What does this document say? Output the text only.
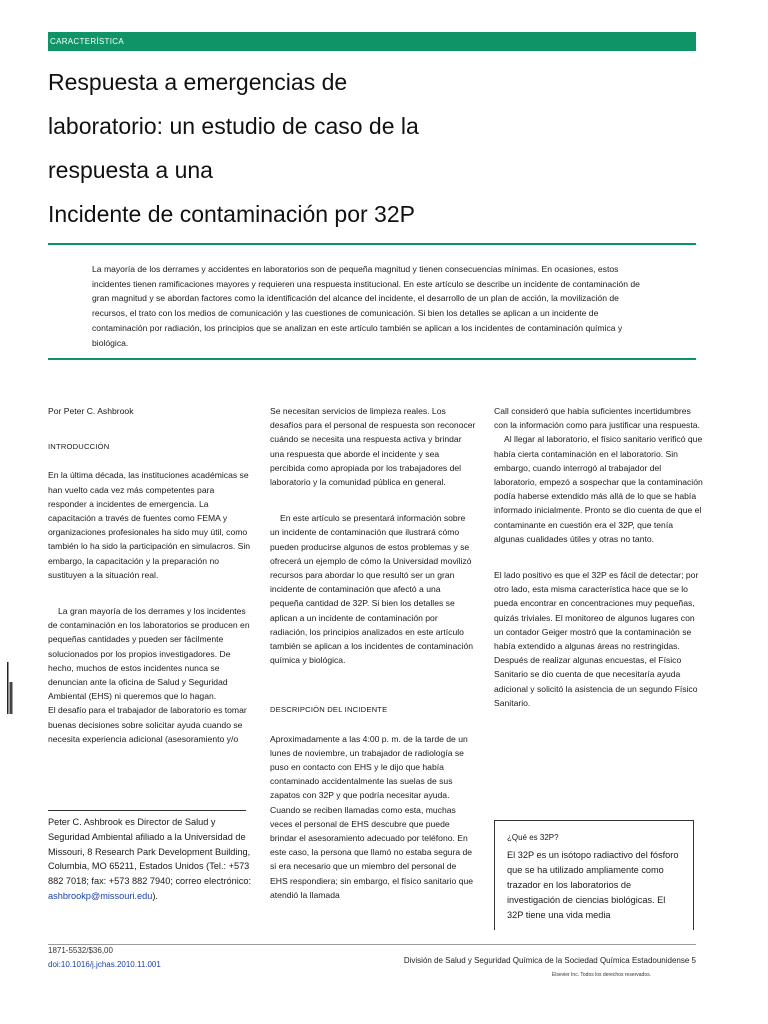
CARACTERÍSTICA
Respuesta a emergencias de
laboratorio: un estudio de caso de la
respuesta a una
Incidente de contaminación por 32P

La mayoría de los derrames y accidentes en laboratorios son de pequeña magnitud y tienen consecuencias mínimas. En ocasiones, estos incidentes tienen ramificaciones mayores y requieren una respuesta institucional. En este artículo se describe un incidente de contaminación de gran magnitud y se abordan factores como la identificación del alcance del incidente, el desarrollo de un plan de acción, la movilización de recursos, el trato con los medios de comunicación y las cuestiones de comunicación. Si bien los detalles se aplican a un incidente de contaminación por radiación, los principios que se analizan en este artículo también se aplican a los incidentes de contaminación química y biológica.

Por Peter C. Ashbrook

INTRODUCCIÓN

En la última década, las instituciones académicas se han vuelto cada vez más competentes para responder a incidentes de emergencia. La capacitación a través de fuentes como FEMA y organizaciones profesionales ha sido muy útil, como también lo ha sido la participación en simulacros. Sin embargo, la capacitación y la preparación no sustituyen a la situación real.

La gran mayoría de los derrames y los incidentes de contaminación en los laboratorios se producen en pequeñas cantidades y pueden ser fácilmente solucionados por los propios investigadores. De hecho, muchos de estos incidentes nunca se denuncian ante la oficina de Salud y Seguridad Ambiental (EHS) ni queremos que lo hagan.

El desafío para el trabajador de laboratorio es tomar buenas decisiones sobre solicitar ayuda cuando se necesita experiencia adicional (asesoramiento y/o

Se necesitan servicios de limpieza reales. Los desafíos para el personal de respuesta son reconocer cuándo se necesita una respuesta activa y brindar una respuesta que aborde el incidente y sea percibida como apropiada por los trabajadores del laboratorio y la comunidad pública en general.

En este artículo se presentará información sobre un incidente de contaminación que ilustrará cómo pueden producirse algunos de estos problemas y se ofrecerá un ejemplo de cómo la Universidad movilizó recursos para abordar lo que resultó ser un gran incidente de contaminación que afectó a una pequeña cantidad de 32P. Si bien los detalles se aplican a un incidente de contaminación por radiación, los principios analizados en este artículo también se aplican a los incidentes de contaminación química y biológica.

DESCRIPCIÓN DEL INCIDENTE

Aproximadamente a las 4:00 p. m. de la tarde de un lunes de noviembre, un trabajador de radiología se puso en contacto con EHS y le dijo que había contaminado accidentalmente las suelas de sus zapatos con 32P y que podría necesitar ayuda. Cuando se reciben llamadas como esta, muchas veces el personal de EHS descubre que puede brindar el asesoramiento adecuado por teléfono. En este caso, la persona que llamó no estaba segura de si era necesario que un miembro del personal de EHS respondiera; sin embargo, el físico sanitario que atendió la llamada

Call consideró que había suficientes incertidumbres con la información como para justificar una respuesta.

Al llegar al laboratorio, el físico sanitario verificó que había cierta contaminación en el laboratorio. Sin embargo, cuando interrogó al trabajador del laboratorio, empezó a sospechar que la contaminación podía haberse extendido más allá de lo que se había informado inicialmente. Pronto se dio cuenta de que el contaminante en cuestión era el 32P, que tenía algunas cualidades útiles y otras no tanto.

El lado positivo es que el 32P es fácil de detectar; por otro lado, esta misma característica hace que se lo pueda encontrar en concentraciones muy pequeñas, quizás triviales. El monitoreo de algunos lugares con un contador Geiger mostró que la contaminación se había extendido a algunas áreas no restringidas.

Después de realizar algunas encuestas, el Físico Sanitario se dio cuenta de que necesitaría ayuda adicional y solicitó la asistencia de un segundo Físico Sanitario.

Peter C. Ashbrook es Director de Salud y Seguridad Ambiental afiliado a la Universidad de Missouri, 8 Research Park Development Building, Columbia, MO 65211, Estados Unidos (Tel.: +573 882 7018; fax: +573 882 7940; correo electrónico: ashbrookp@missouri.edu).

¿Qué es 32P?

El 32P es un isótopo radiactivo del fósforo que se ha utilizado ampliamente como trazador en los laboratorios de investigación de ciencias biológicas. El 32P tiene una vida media

1871-5532/$36,00
doi:10.1016/j.jchas.2010.11.001	División de Salud y Seguridad Química de la Sociedad Química Estadounidense 5
Elsevier Inc. Todos los derechos reservados.
